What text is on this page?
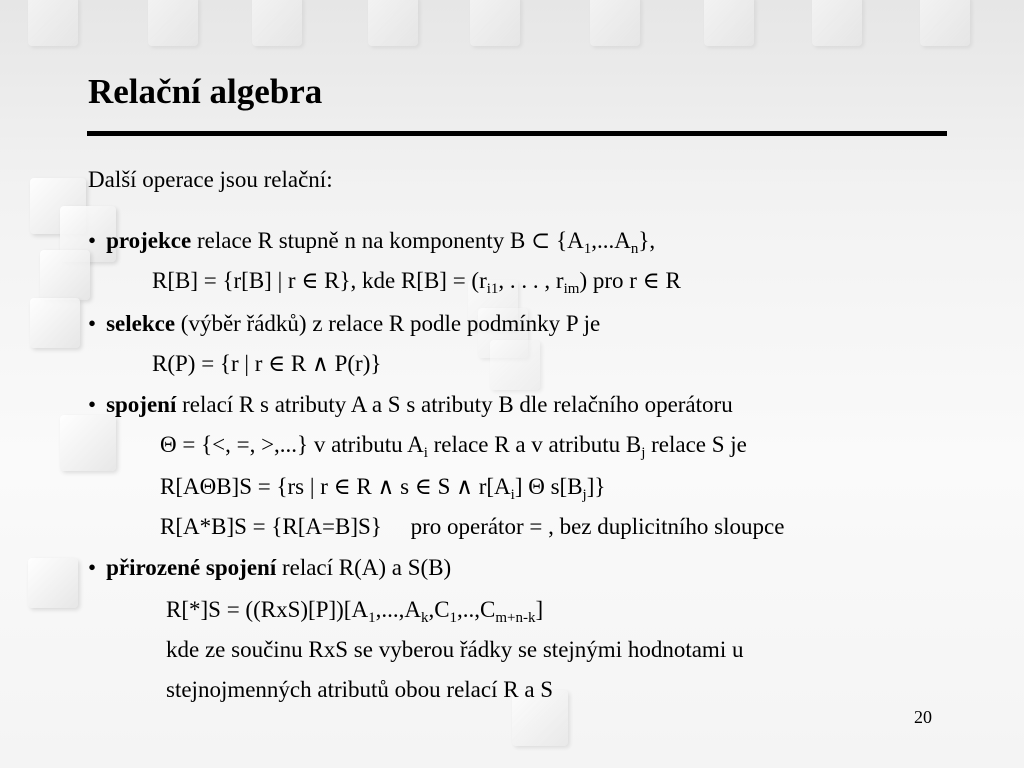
Relační algebra
Další operace jsou relační:
• projekce relace R stupně n na komponenty B ⊂ $\{A_1,...A_n\}$,
R[B] = {r[B] | r ∈ R}, kde $R[B] = (r_{i1}$, . . . , $r_{im}$) pro r ∈ R
• selekce (výběr řádků) z relace R podle podmínky P je
R(P) = {r | r ∈ R ∧ P(r)}
• spojení relací R s atributy A a S s atributy B dle relačního operátoru
Θ = {<, =, >,...} v atributu $A_i$ relace R a v atributu $B_j$ relace S je
R[AΘB]S = {rs | r ∈ R ∧ s ∈ S ∧ $r[A_i]$ Θ $s[B_j]$}
R[A*B]S = {R[A=B]S}     pro operátor = , bez duplicitního sloupce
• přirozené spojení relací R(A) a S(B)
$R[*]S = ((RxS)[P])[A_1,...,A_k,C_1,..,C_{m+n-k}]$
kde ze součinu RxS se vyberou řádky se stejnými hodnotami u
stejnojmenných atributů obou relací R a S
20
